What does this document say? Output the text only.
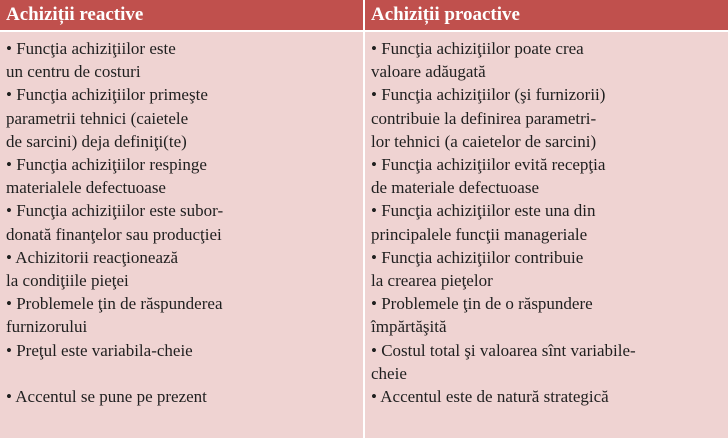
Achiziții reactive
• Funcţia achiziţiilor este
un centru de costuri
• Funcţia achiziţiilor primeşte
parametrii tehnici (caietele
de sarcini) deja definiţi(te)
• Funcţia achiziţiilor respinge
materialele defectuoase
• Funcţia achiziţiilor este subor-
donată finanţelor sau producţiei
• Achizitorii reacţionează
la condiţiile pieţei
• Problemele ţin de răspunderea
furnizorului
• Preţul este variabila-cheie
• Accentul se pune pe prezent
Achiziții proactive
• Funcţia achiziţiilor poate crea
valoare adăugată
• Funcţia achiziţiilor (şi furnizorii)
contribuie la definirea parametri-
lor tehnici (a caietelor de sarcini)
• Funcţia achiziţiilor evită recepţia
de materiale defectuoase
• Funcţia achiziţiilor este una din
principalele funcţii manageriale
• Funcţia achiziţiilor contribuie
la crearea pieţelor
• Problemele ţin de o răspundere
împărtăşită
• Costul total şi valoarea sînt variabile-
cheie
• Accentul este de natură strategică
